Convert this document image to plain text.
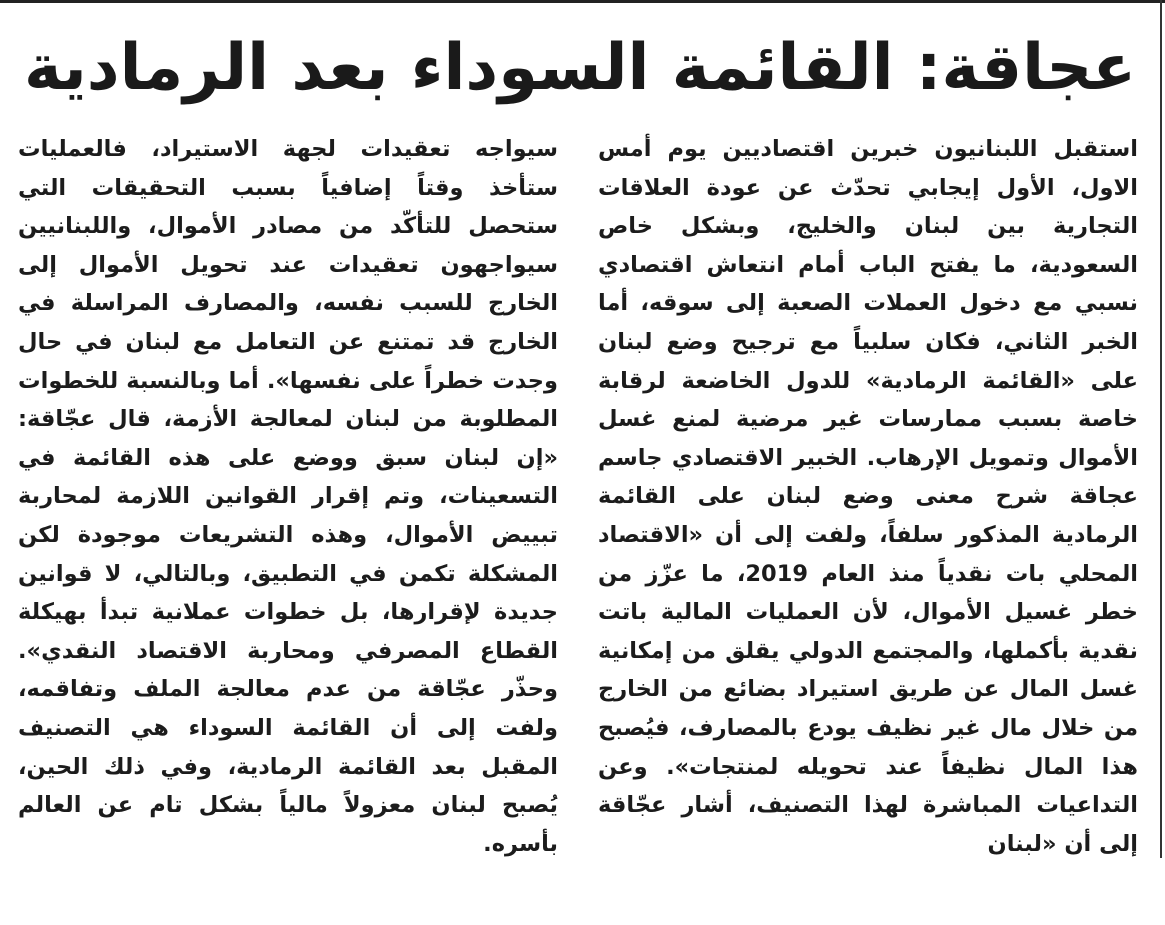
عجاقة: القائمة السوداء بعد الرمادية

استقبل اللبنانيون خبرين اقتصاديين يوم أمس الاول، الأول إيجابي تحدّث عن عودة العلاقات التجارية بين لبنان والخليج، وبشكل خاص السعودية، ما يفتح الباب أمام انتعاش اقتصادي نسبي مع دخول العملات الصعبة إلى سوقه، أما الخبر الثاني، فكان سلبياً مع ترجيح وضع لبنان على «القائمة الرمادية» للدول الخاضعة لرقابة خاصة بسبب ممارسات غير مرضية لمنع غسل الأموال وتمويل الإرهاب. الخبير الاقتصادي جاسم عجاقة شرح معنى وضع لبنان على القائمة الرمادية المذكور سلفاً، ولفت إلى أن «الاقتصاد المحلي بات نقدياً منذ العام 2019، ما عزّز من خطر غسيل الأموال، لأن العمليات المالية باتت نقدية بأكملها، والمجتمع الدولي يقلق من إمكانية غسل المال عن طريق استيراد بضائع من الخارج من خلال مال غير نظيف يودع بالمصارف، فيُصبح هذا المال نظيفاً عند تحويله لمنتجات». وعن التداعيات المباشرة لهذا التصنيف، أشار عجّاقة إلى أن «لبنان

سيواجه تعقيدات لجهة الاستيراد، فالعمليات ستأخذ وقتاً إضافياً بسبب التحقيقات التي ستحصل للتأكّد من مصادر الأموال، واللبنانيين سيواجهون تعقيدات عند تحويل الأموال إلى الخارج للسبب نفسه، والمصارف المراسلة في الخارج قد تمتنع عن التعامل مع لبنان في حال وجدت خطراً على نفسها». أما وبالنسبة للخطوات المطلوبة من لبنان لمعالجة الأزمة، قال عجّاقة: «إن لبنان سبق ووضع على هذه القائمة في التسعينات، وتم إقرار القوانين اللازمة لمحاربة تبييض الأموال، وهذه التشريعات موجودة لكن المشكلة تكمن في التطبيق، وبالتالي، لا قوانين جديدة لإقرارها، بل خطوات عملانية تبدأ بهيكلة القطاع المصرفي ومحاربة الاقتصاد النقدي». وحذّر عجّاقة من عدم معالجة الملف وتفاقمه، ولفت إلى أن القائمة السوداء هي التصنيف المقبل بعد القائمة الرمادية، وفي ذلك الحين، يُصبح لبنان معزولاً مالياً بشكل تام عن العالم بأسره.
